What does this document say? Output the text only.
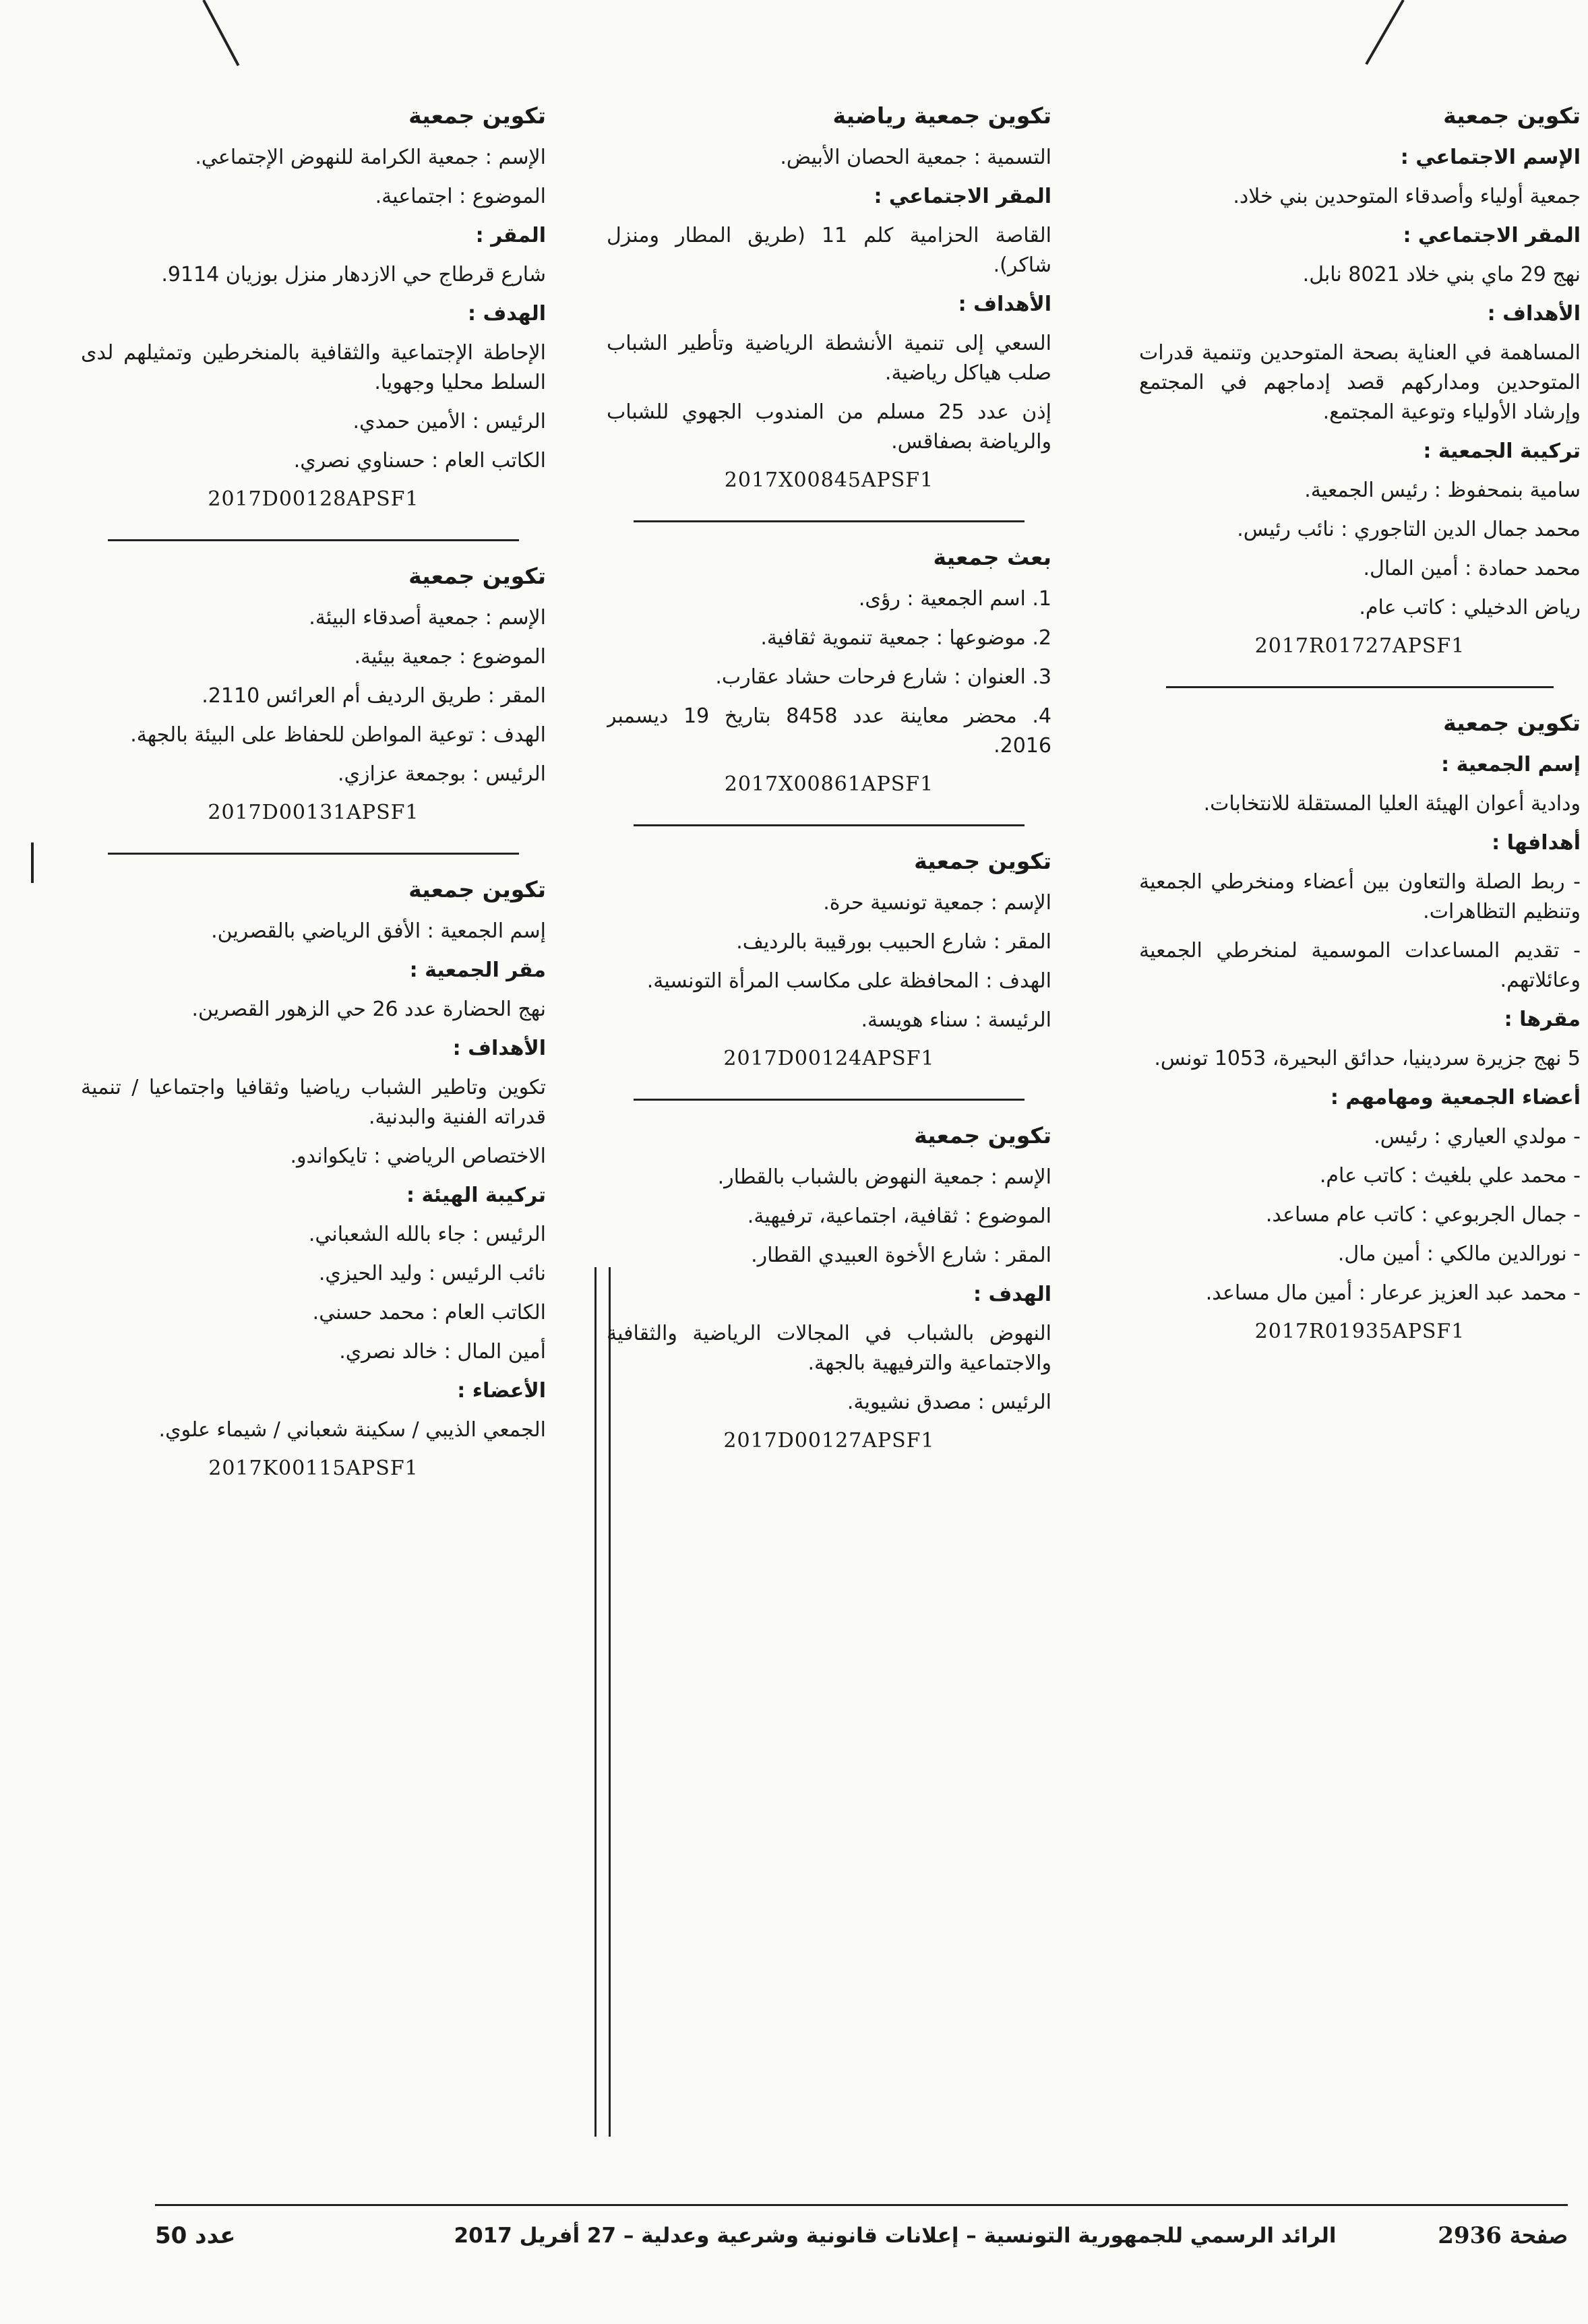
تكوين جمعية
الإسم الاجتماعي :
جمعية أولياء وأصدقاء المتوحدين بني خلاد.
المقر الاجتماعي :
نهج 29 ماي بني خلاد 8021 نابل.
الأهداف :
المساهمة في العناية بصحة المتوحدين وتنمية قدرات المتوحدين ومداركهم قصد إدماجهم في المجتمع وإرشاد الأولياء وتوعية المجتمع.
تركيبة الجمعية :
سامية بنمحفوظ : رئيس الجمعية.
محمد جمال الدين التاجوري : نائب رئيس.
محمد حمادة : أمين المال.
رياض الدخيلي : كاتب عام.
2017R01727APSF1
تكوين جمعية
إسم الجمعية :
ودادية أعوان الهيئة العليا المستقلة للانتخابات.
أهدافها :
- ربط الصلة والتعاون بين أعضاء ومنخرطي الجمعية وتنظيم التظاهرات.
- تقديم المساعدات الموسمية لمنخرطي الجمعية وعائلاتهم.
مقرها :
5 نهج جزيرة سردينيا، حدائق البحيرة، 1053 تونس.
أعضاء الجمعية ومهامهم :
- مولدي العياري : رئيس.
- محمد علي بلغيث : كاتب عام.
- جمال الجربوعي : كاتب عام مساعد.
- نورالدين مالكي : أمين مال.
- محمد عبد العزيز عرعار : أمين مال مساعد.
2017R01935APSF1
تكوين جمعية رياضية
التسمية : جمعية الحصان الأبيض.
المقر الاجتماعي :
القاصة الحزامية كلم 11 (طريق المطار ومنزل شاكر).
الأهداف :
السعي إلى تنمية الأنشطة الرياضية وتأطير الشباب صلب هياكل رياضية.
إذن عدد 25 مسلم من المندوب الجهوي للشباب والرياضة بصفاقس.
2017X00845APSF1
بعث جمعية
1. اسم الجمعية : رؤى.
2. موضوعها : جمعية تنموية ثقافية.
3. العنوان : شارع فرحات حشاد عقارب.
4. محضر معاينة عدد 8458 بتاريخ 19 ديسمبر 2016.
2017X00861APSF1
تكوين جمعية
الإسم : جمعية تونسية حرة.
المقر : شارع الحبيب بورقيبة بالرديف.
الهدف : المحافظة على مكاسب المرأة التونسية.
الرئيسة : سناء هويسة.
2017D00124APSF1
تكوين جمعية
الإسم : جمعية النهوض بالشباب بالقطار.
الموضوع : ثقافية، اجتماعية، ترفيهية.
المقر : شارع الأخوة العبيدي القطار.
الهدف :
النهوض بالشباب في المجالات الرياضية والثقافية والاجتماعية والترفيهية بالجهة.
الرئيس : مصدق نشيوية.
2017D00127APSF1
تكوين جمعية
الإسم : جمعية الكرامة للنهوض الإجتماعي.
الموضوع : اجتماعية.
المقر :
شارع قرطاج حي الازدهار منزل بوزيان 9114.
الهدف :
الإحاطة الإجتماعية والثقافية بالمنخرطين وتمثيلهم لدى السلط محليا وجهويا.
الرئيس : الأمين حمدي.
الكاتب العام : حسناوي نصري.
2017D00128APSF1
تكوين جمعية
الإسم : جمعية أصدقاء البيئة.
الموضوع : جمعية بيئية.
المقر : طريق الرديف أم العرائس 2110.
الهدف : توعية المواطن للحفاظ على البيئة بالجهة.
الرئيس : بوجمعة عزازي.
2017D00131APSF1
تكوين جمعية
إسم الجمعية : الأفق الرياضي بالقصرين.
مقر الجمعية :
نهج الحضارة عدد 26 حي الزهور القصرين.
الأهداف :
تكوين وتاطير الشباب رياضيا وثقافيا واجتماعيا / تنمية قدراته الفنية والبدنية.
الاختصاص الرياضي : تايكواندو.
تركيبة الهيئة :
الرئيس : جاء بالله الشعباني.
نائب الرئيس : وليد الحيزي.
الكاتب العام : محمد حسني.
أمين المال : خالد نصري.
الأعضاء :
الجمعي الذيبي / سكينة شعباني / شيماء علوي.
2017K00115APSF1
صفحة 2936
الرائد الرسمي للجمهورية التونسية – إعلانات قانونية وشرعية وعدلية – 27 أفريل 2017
عدد 50
